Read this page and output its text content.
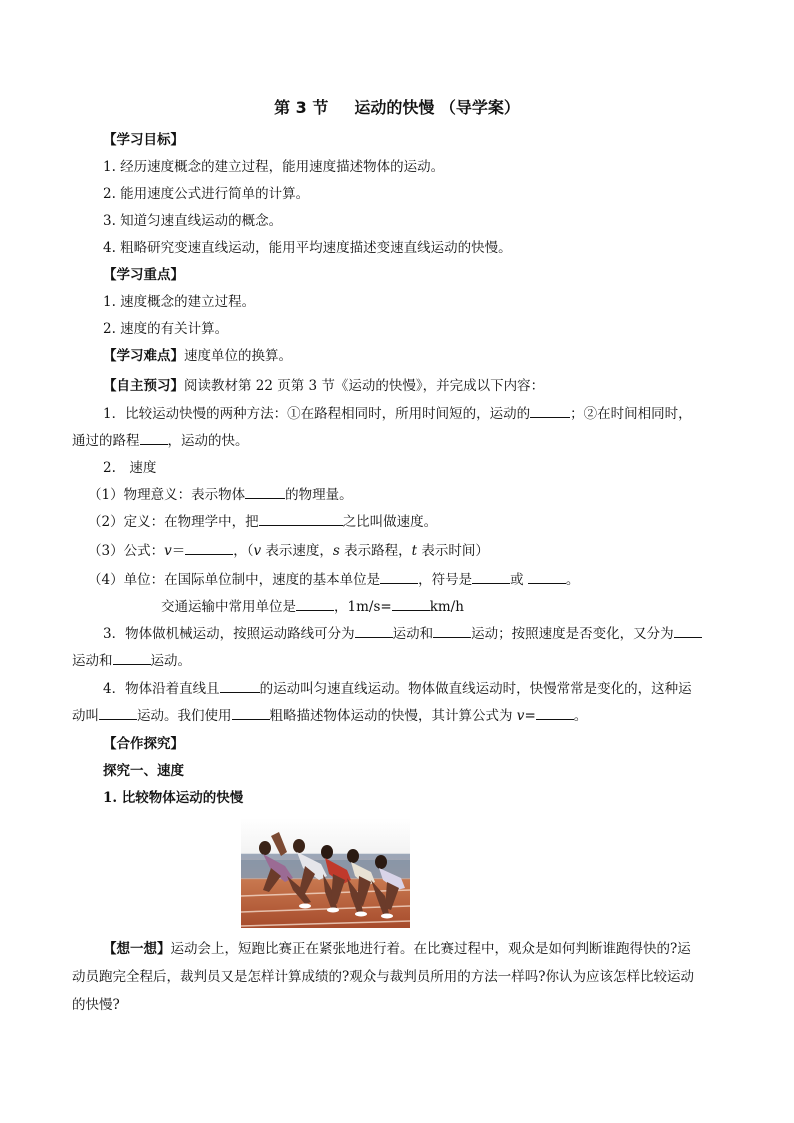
第 3 节 运动的快慢 （导学案）
【学习目标】
1. 经历速度概念的建立过程，能用速度描述物体的运动。
2. 能用速度公式进行简单的计算。
3. 知道匀速直线运动的概念。
4. 粗略研究变速直线运动，能用平均速度描述变速直线运动的快慢。
【学习重点】
1. 速度概念的建立过程。
2. 速度的有关计算。
【学习难点】速度单位的换算。
【自主预习】阅读教材第 22 页第 3 节《运动的快慢》，并完成以下内容：
1．比较运动快慢的两种方法：①在路程相同时，所用时间短的，运动的	；②在时间相同时，
通过的路程 ，运动的快。
2.　速度
（1）物理意义：表示物体	的物理量。
（2）定义：在物理学中，把	之比叫做速度。
（3）公式：v＝	，（v 表示速度，s 表示路程，t 表示时间）
（4）单位：在国际单位制中，速度的基本单位是	，符号是	或	。
交通运输中常用单位是	，1m/s=	km/h
3．物体做机械运动，按照运动路线可分为	运动和	运动；按照速度是否变化，又分为
运动和	运动。
4．物体沿着直线且	的运动叫匀速直线运动。物体做直线运动时，快慢常常是变化的，这种运
动叫	运动。我们使用	粗略描述物体运动的快慢，其计算公式为 v=	。
【合作探究】
探究一、速度
1. 比较物体运动的快慢
【想一想】运动会上，短跑比赛正在紧张地进行着。在比赛过程中，观众是如何判断谁跑得快的?运
动员跑完全程后，裁判员又是怎样计算成绩的?观众与裁判员所用的方法一样吗?你认为应该怎样比较运动
的快慢?
